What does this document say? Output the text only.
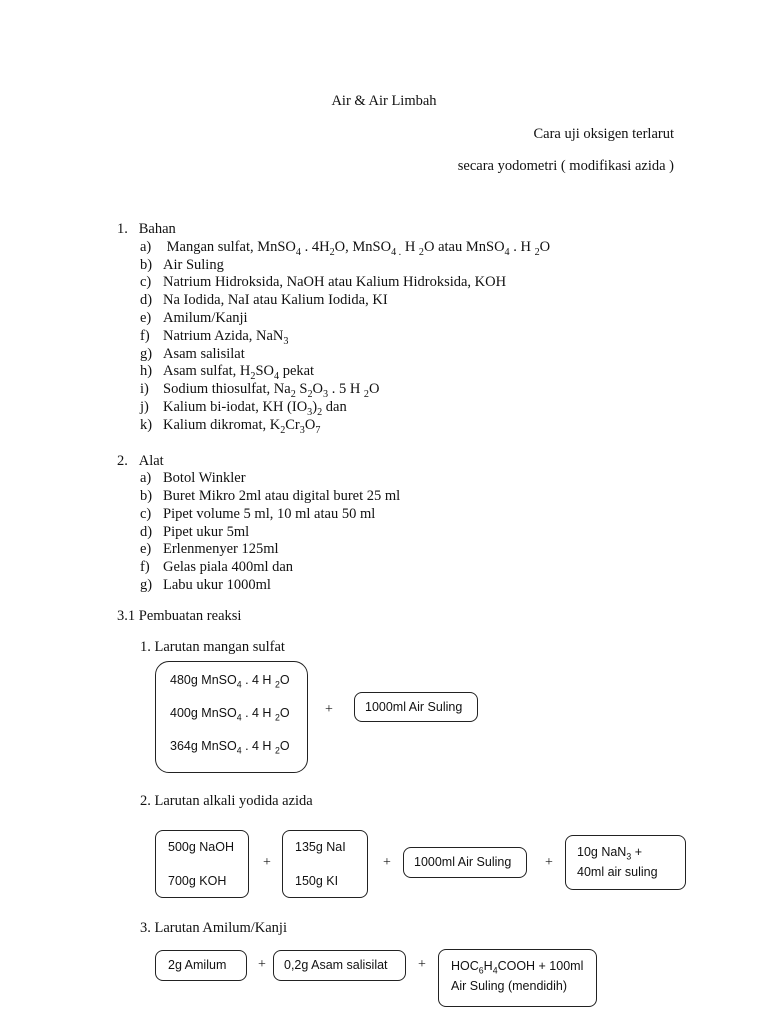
Air & Air Limbah
Cara uji oksigen terlarut
secara yodometri ( modifikasi azida )
1. Bahan
a) Mangan sulfat, MnSO$_4$ . $4H_2O$, MnSO$_{4 .}$ H $_2$O atau MnSO$_4$ . H $_2$O
b) Air Suling
c) Natrium Hidroksida, NaOH atau Kalium Hidroksida, KOH
d) Na Iodida, NaI atau Kalium Iodida, KI
e) Amilum/Kanji
f) Natrium Azida, NaN$_3$
g) Asam salisilat
h) Asam sulfat, $H_2SO_4$ pekat
i) Sodium thiosulfat, $Na_2$ $S_2O_3$ . 5 H $_2$O
j) Kalium bi-iodat, KH $(IO_3)_2$ dan
k) Kalium dikromat, $K_2Cr_3O_7$
2. Alat
a) Botol Winkler
b) Buret Mikro 2ml atau digital buret 25 ml
c) Pipet volume 5 ml, 10 ml atau 50 ml
d) Pipet ukur 5ml
e) Erlenmenyer 125ml
f) Gelas piala 400ml dan
g) Labu ukur 1000ml
3.1 Pembuatan reaksi
1. Larutan mangan sulfat
480g MnSO$_4$ . 4 H $_2$O
400g MnSO$_4$ . 4 H $_2$O
364g MnSO$_4$ . 4 H $_2$O
+	1000ml Air Suling
2. Larutan alkali yodida azida
500g NaOH
700g KOH
+
135g NaI
150g KI
+ 1000ml Air Suling +
10g NaN$_3$ +
40ml air suling
3. Larutan Amilum/Kanji
2g Amilum + 0,2g Asam salisilat + $HOC_6H_4COOH + 100ml$
Air Suling (mendidih)
